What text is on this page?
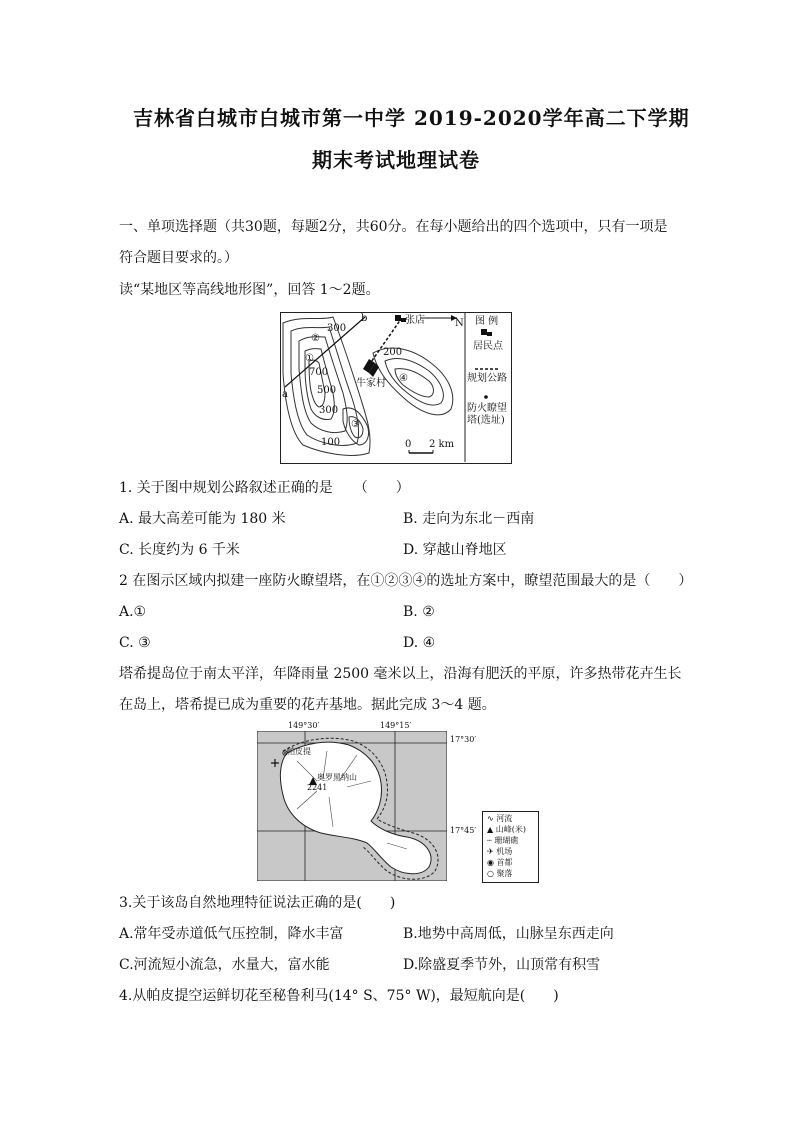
吉林省白城市白城市第一中学 2019-2020学年高二下学期
期末考试地理试卷
一、单项选择题（共30题，每题2分，共60分。在每小题给出的四个选项中，只有一项是
符合题目要求的。）
读“某地区等高线地形图”，回答 1～2题。
300
b	张店	N
200
②
①
④
700
牛家村
a	500
300
③
100	0 2 km
图 例
居民点
规划公路
防火瞭望
塔(选址)
1. 关于图中规划公路叙述正确的是　　（　　）
A. 最大高差可能为 180 米	B. 走向为东北－西南
C. 长度约为 6 千米	D. 穿越山脊地区
2 在图示区域内拟建一座防火瞭望塔，在①②③④的选址方案中，瞭望范围最大的是（　　）
A.①	B. ②
C. ③	D. ④
塔希提岛位于南太平洋，年降雨量 2500 毫米以上，沿海有肥沃的平原，许多热带花卉生长
在岛上，塔希提已成为重要的花卉基地。据此完成 3～4 题。
149°30′	149°15′
17°30′
17°45′
帕皮提
奥罗黑纳山
2241
∿ 河流
▲ 山峰(米)
┄ 珊瑚礁
✈ 机场
◉ 首都
○ 聚落
3.关于该岛自然地理特征说法正确的是(　　)
A.常年受赤道低气压控制，降水丰富	B.地势中高周低，山脉呈东西走向
C.河流短小流急，水量大，富水能	D.除盛夏季节外，山顶常有积雪
4.从帕皮提空运鲜切花至秘鲁利马(14° S、75° W)，最短航向是(　　)
